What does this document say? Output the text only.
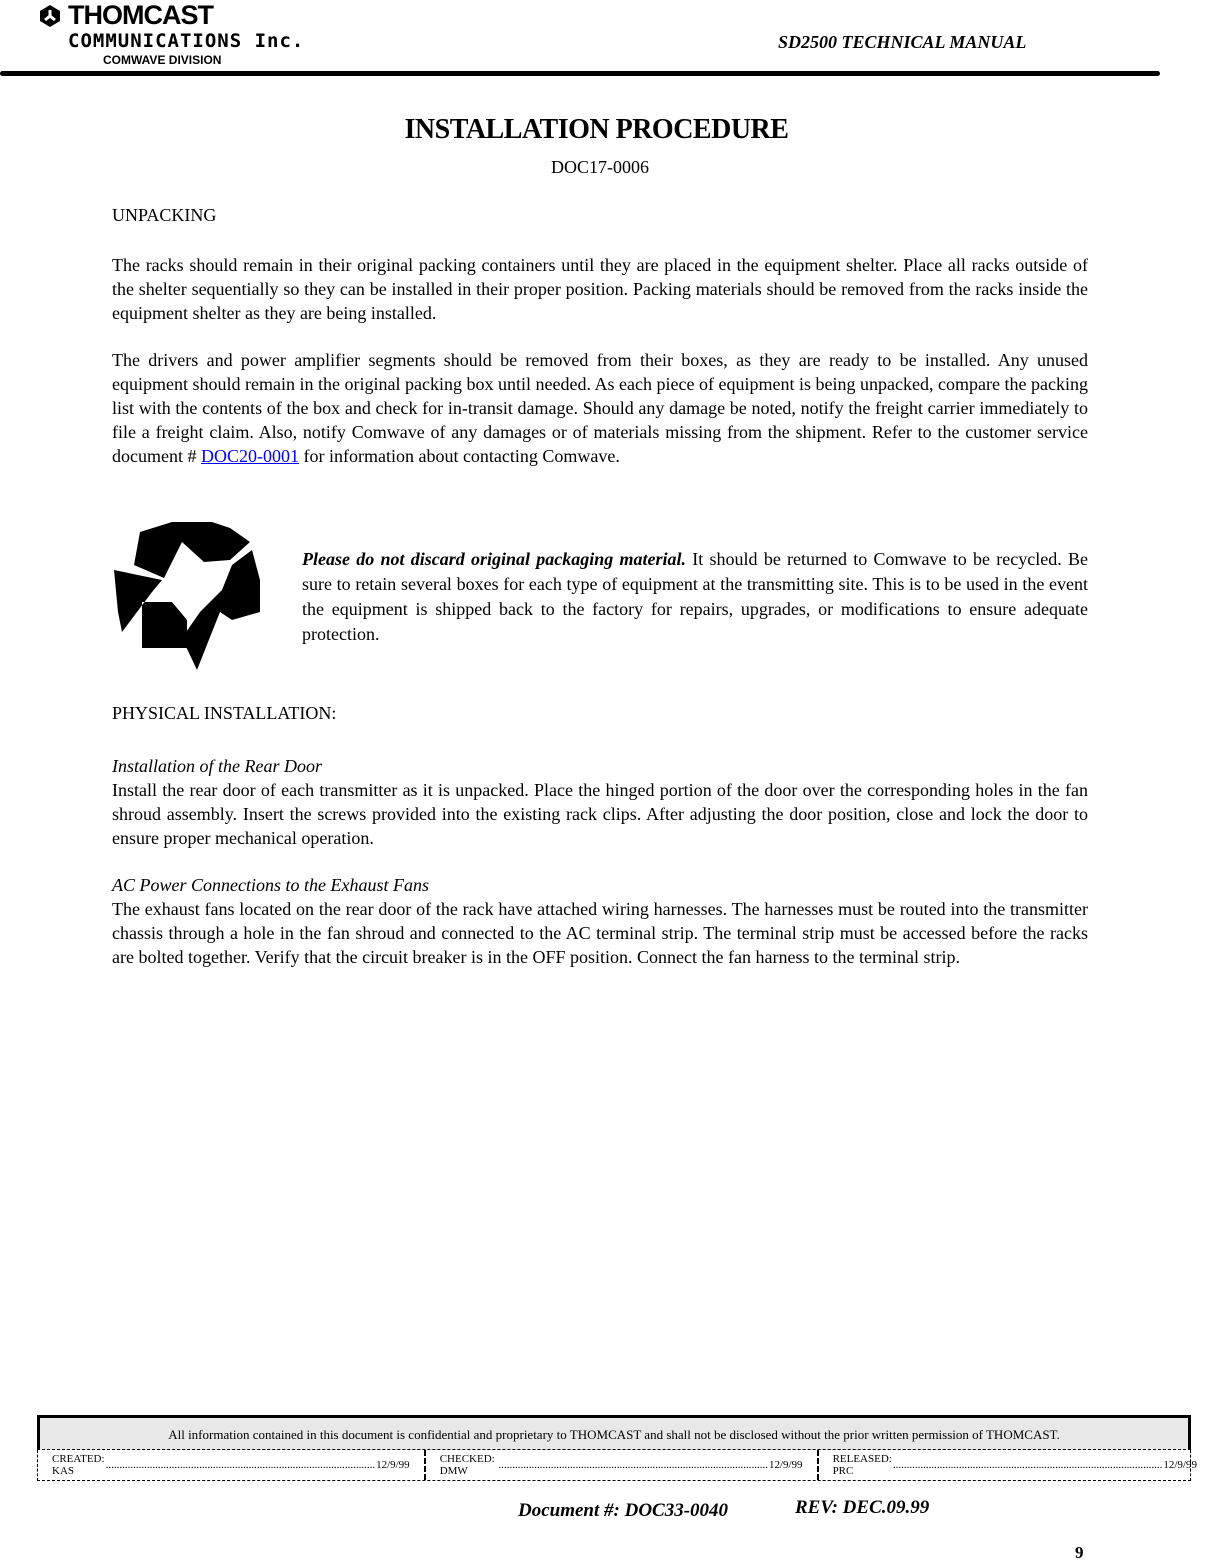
THOMCAST
COMMUNICATIONS Inc.
COMWAVE DIVISION
SD2500 TECHNICAL MANUAL
INSTALLATION PROCEDURE
DOC17-0006
UNPACKING
The racks should remain in their original packing containers until they are placed in the equipment shelter. Place all racks outside of the shelter sequentially so they can be installed in their proper position. Packing materials should be removed from the racks inside the equipment shelter as they are being installed.
The drivers and power amplifier segments should be removed from their boxes, as they are ready to be installed. Any unused equipment should remain in the original packing box until needed. As each piece of equipment is being unpacked, compare the packing list with the contents of the box and check for in-transit damage. Should any damage be noted, notify the freight carrier immediately to file a freight claim. Also, notify Comwave of any damages or of materials missing from the shipment. Refer to the customer service document # DOC20-0001 for information about contacting Comwave.
Please do not discard original packaging material. It should be returned to Comwave to be recycled. Be sure to retain several boxes for each type of equipment at the transmitting site. This is to be used in the event the equipment is shipped back to the factory for repairs, upgrades, or modifications to ensure adequate protection.
PHYSICAL INSTALLATION:
Installation of the Rear Door
Install the rear door of each transmitter as it is unpacked. Place the hinged portion of the door over the corresponding holes in the fan shroud assembly. Insert the screws provided into the existing rack clips. After adjusting the door position, close and lock the door to ensure proper mechanical operation.
AC Power Connections to the Exhaust Fans
The exhaust fans located on the rear door of the rack have attached wiring harnesses. The harnesses must be routed into the transmitter chassis through a hole in the fan shroud and connected to the AC terminal strip. The terminal strip must be accessed before the racks are bolted together. Verify that the circuit breaker is in the OFF position. Connect the fan harness to the terminal strip.
All information contained in this document is confidential and proprietary to THOMCAST and shall not be disclosed without the prior written permission of THOMCAST.
CREATED: KAS	.................................................................................................. 12/9/99	CHECKED: DMW	.................................................................................................. 12/9/99	RELEASED: PRC	.................................................................................................. 12/9/99
Document #: DOC33-0040	REV: DEC.09.99
9
